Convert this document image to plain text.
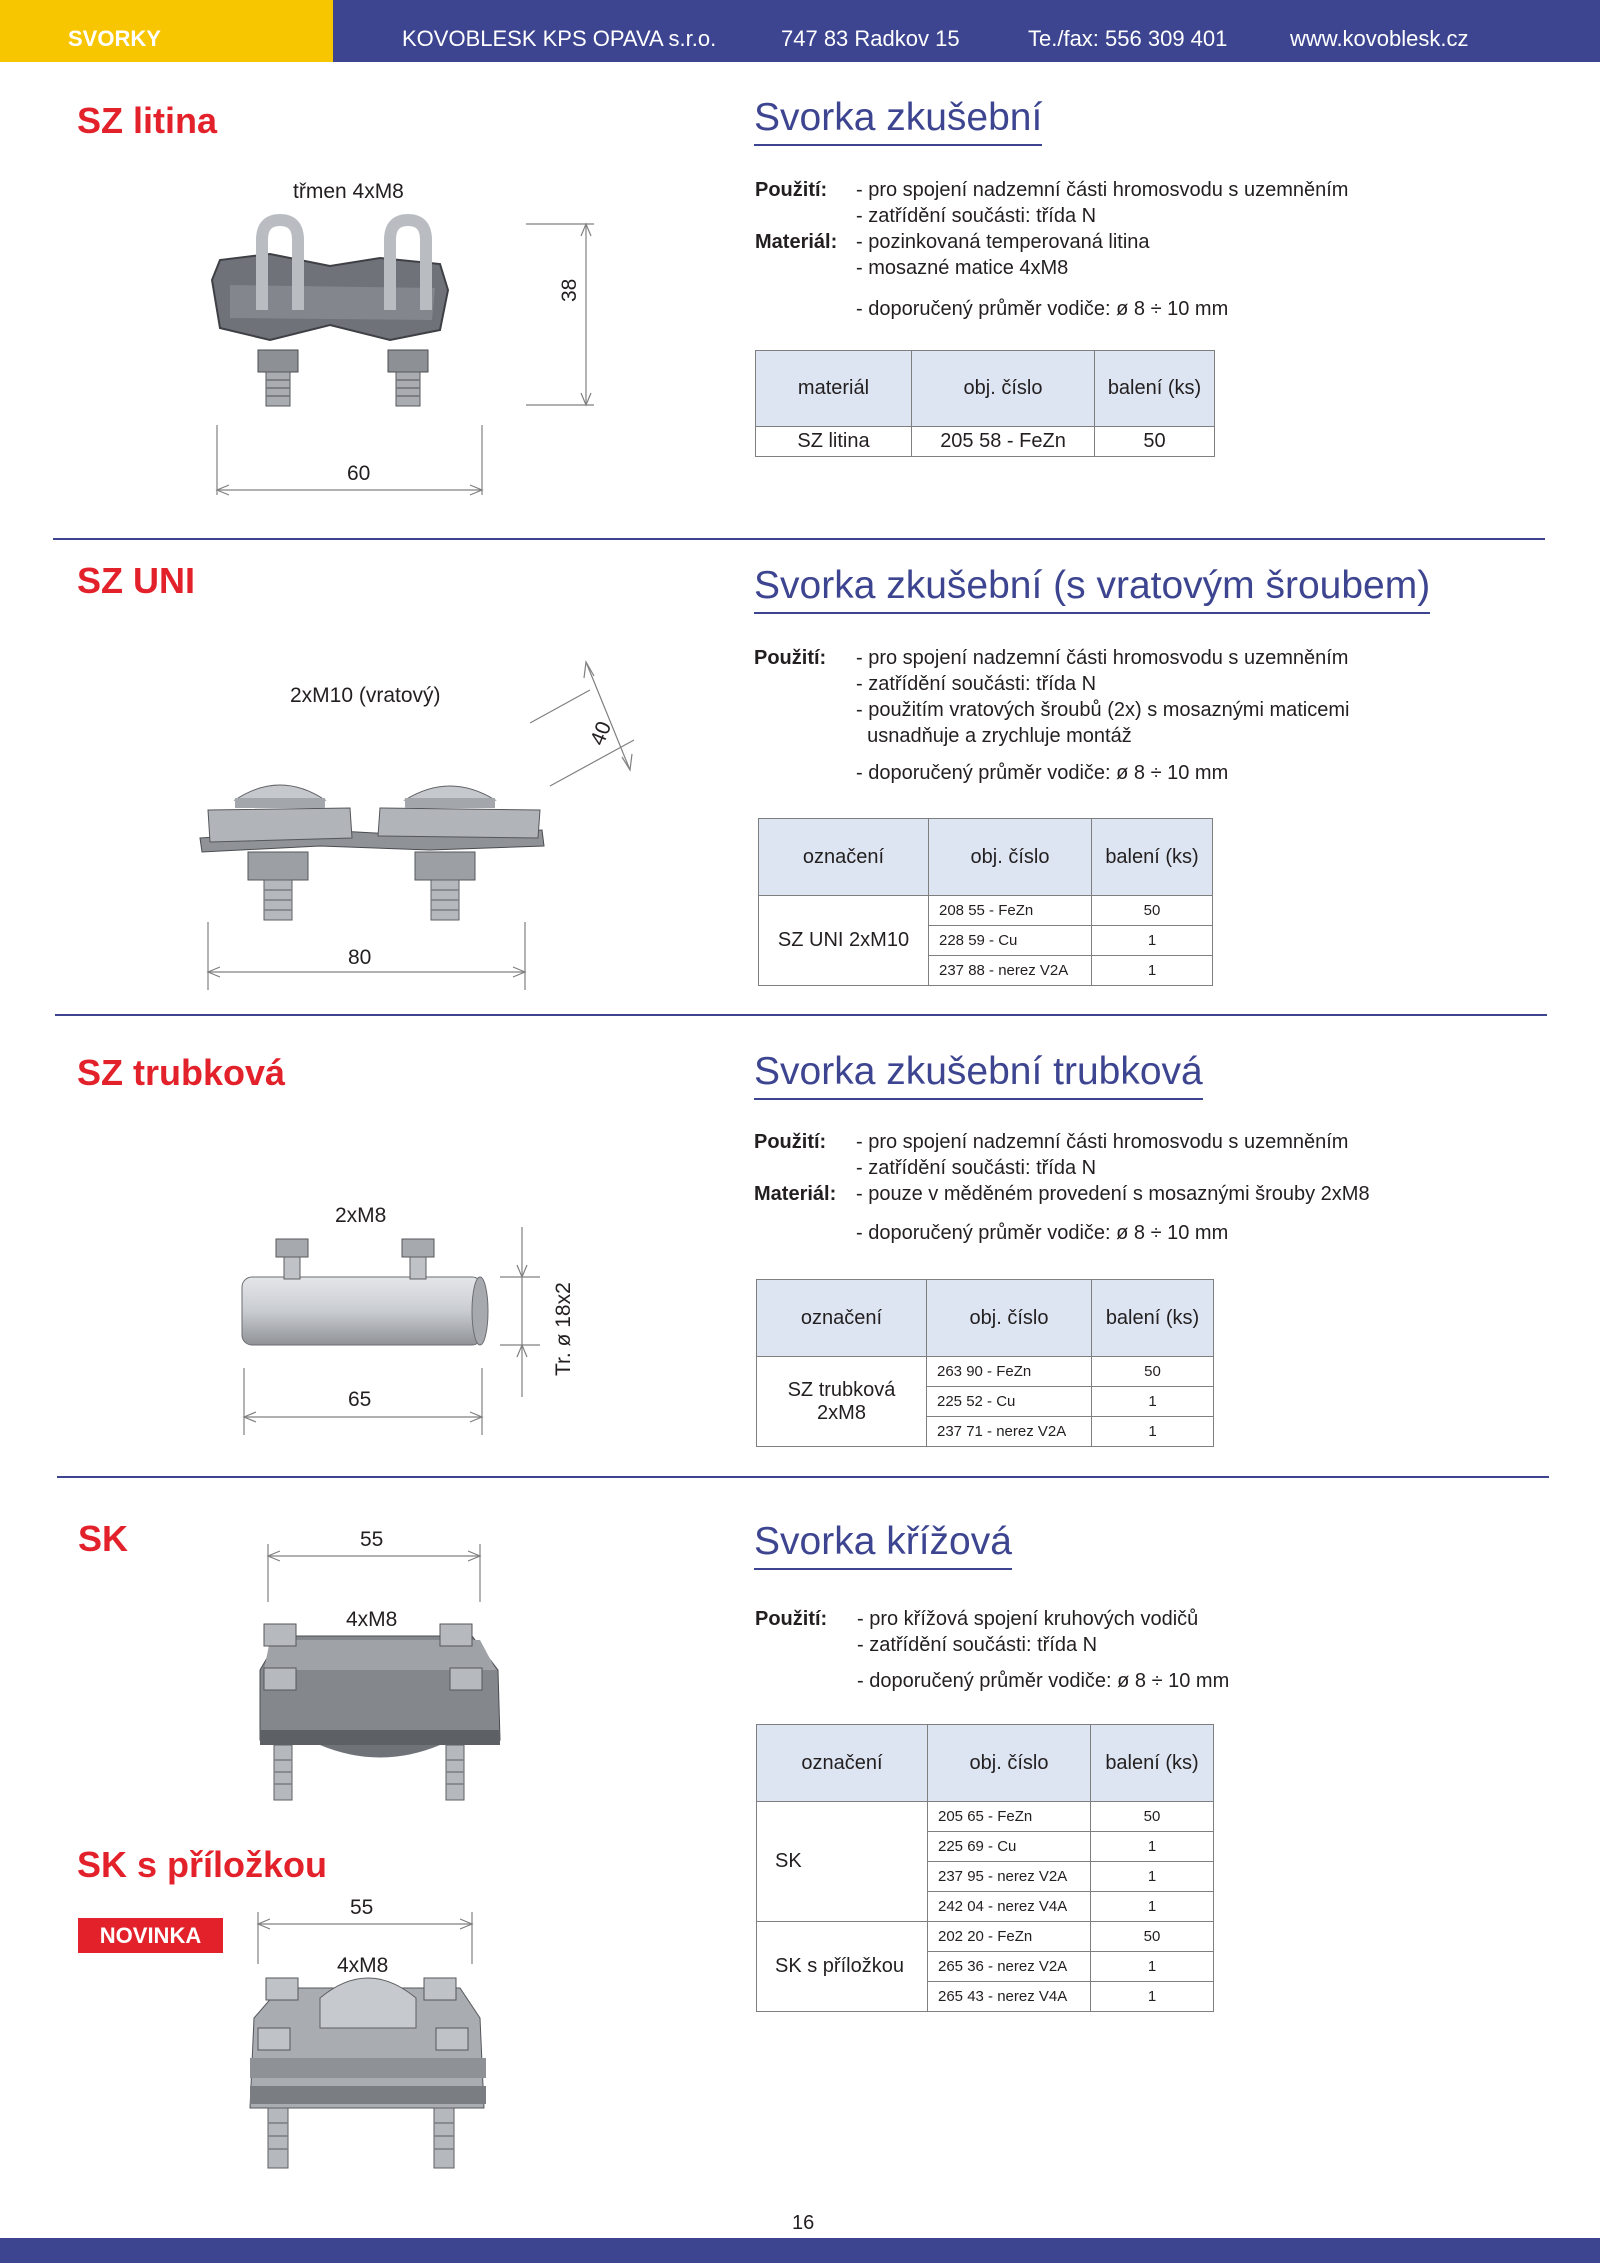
SVORKY	KOVOBLESK KPS OPAVA s.r.o.	747 83 Radkov 15	Te./fax: 556 309 401	www.kovoblesk.cz
SZ litina	Svorka zkušební
třmen 4xM8
60
38
Použití: - pro spojení nadzemní části hromosvodu s uzemněním
- zatřídění součásti: třída N
Materiál: - pozinkovaná temperovaná litina
- mosazné matice 4xM8
- doporučený průměr vodiče: ø 8 ÷ 10 mm
materiál	obj. číslo	balení (ks)
SZ litina	205 58 - FeZn	50
SZ UNI	Svorka zkušební (s vratovým šroubem)
2xM10 (vratový)
80
40
Použití: - pro spojení nadzemní části hromosvodu s uzemněním
- zatřídění součásti: třída N
- použitím vratových šroubů (2x) s mosaznými maticemi
usnadňuje a zrychluje montáž
- doporučený průměr vodiče: ø 8 ÷ 10 mm
označení	obj. číslo	balení (ks)
SZ UNI 2xM10	208 55 - FeZn	50
	228 59 - Cu	1
	237 88 - nerez V2A	1
SZ trubková	Svorka zkušební trubková
2xM8
65
Tr. ø 18x2
Použití: - pro spojení nadzemní části hromosvodu s uzemněním
- zatřídění součásti: třída N
Materiál: - pouze v měděném provedení s mosaznými šrouby 2xM8
- doporučený průměr vodiče: ø 8 ÷ 10 mm
označení	obj. číslo	balení (ks)

SZ trubková
2xM8	263 90 - FeZn	50
	225 52 - Cu	1
	237 71 - nerez V2A	1
SK
SK s příložkou
NOVINKA
Svorka křížová
55
4xM8
55
4xM8
Použití: - pro křížová spojení kruhových vodičů
- zatřídění součásti: třída N
- doporučený průměr vodiče: ø 8 ÷ 10 mm
označení	obj. číslo	balení (ks)
SK	205 65 - FeZn	50
	225 69 - Cu	1
	237 95 - nerez V2A	1
	242 04 - nerez V4A	1
SK s příložkou	202 20 - FeZn	50
	265 36 - nerez V2A	1
	265 43 - nerez V4A	1
16
